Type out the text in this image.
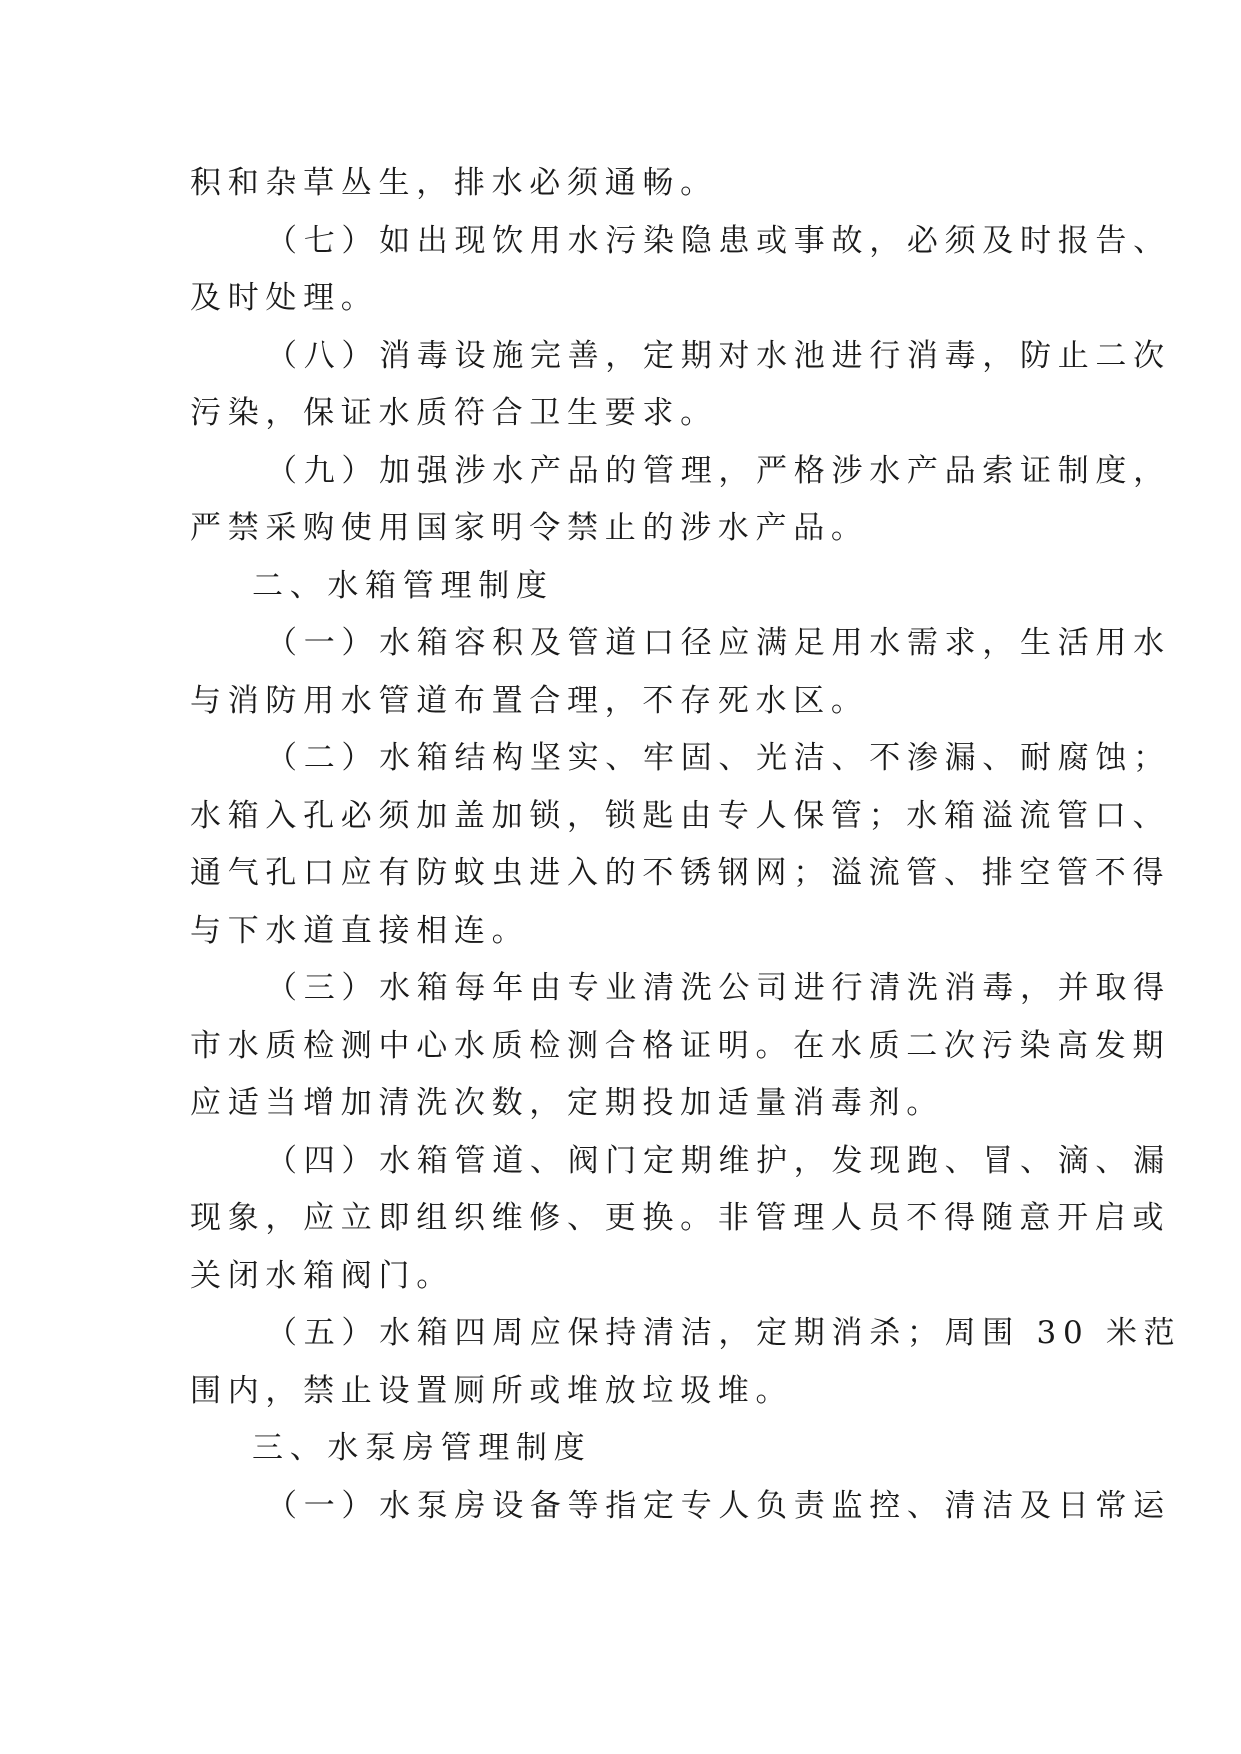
积和杂草丛生，排水必须通畅。
（七）如出现饮用水污染隐患或事故，必须及时报告、
及时处理。
（八）消毒设施完善，定期对水池进行消毒，防止二次
污染，保证水质符合卫生要求。
（九）加强涉水产品的管理，严格涉水产品索证制度，
严禁采购使用国家明令禁止的涉水产品。
二、水箱管理制度
（一）水箱容积及管道口径应满足用水需求，生活用水
与消防用水管道布置合理，不存死水区。
（二）水箱结构坚实、牢固、光洁、不渗漏、耐腐蚀；
水箱入孔必须加盖加锁，锁匙由专人保管；水箱溢流管口、
通气孔口应有防蚊虫进入的不锈钢网；溢流管、排空管不得
与下水道直接相连。
（三）水箱每年由专业清洗公司进行清洗消毒，并取得
市水质检测中心水质检测合格证明。在水质二次污染高发期
应适当增加清洗次数，定期投加适量消毒剂。
（四）水箱管道、阀门定期维护，发现跑、冒、滴、漏
现象，应立即组织维修、更换。非管理人员不得随意开启或
关闭水箱阀门。
（五）水箱四周应保持清洁，定期消杀；周围 30 米范
围内，禁止设置厕所或堆放垃圾堆。
三、水泵房管理制度
（一）水泵房设备等指定专人负责监控、清洁及日常运
